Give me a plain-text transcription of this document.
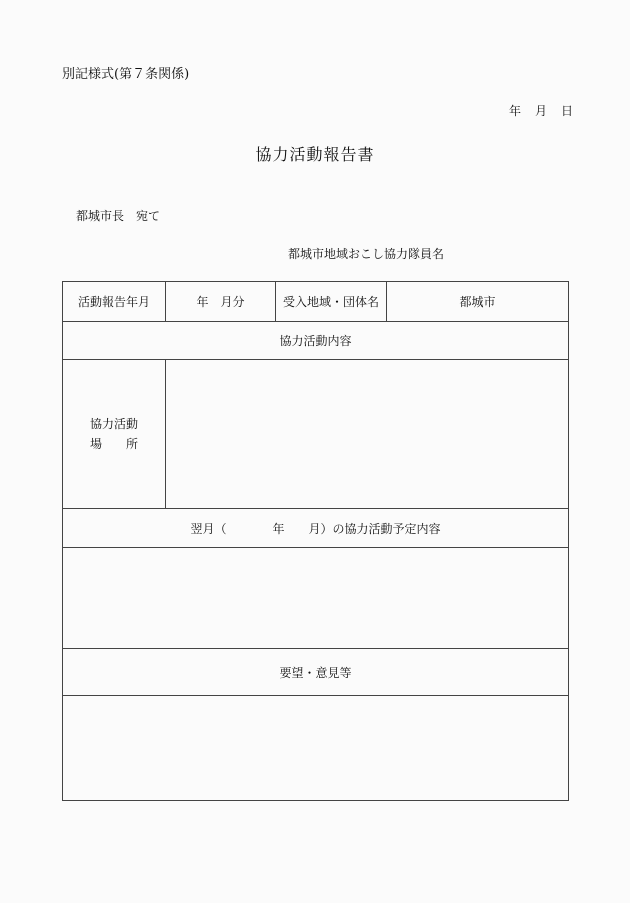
別記様式(第７条関係)
年　月　日
協力活動報告書
都城市長　宛て
都城市地域おこし協力隊員名
活動報告年月	年　月分	受入地域・団体名	都城市
協力活動内容			
協力活動
場　　所			
翌月（ 年 月）の協力活動予定内容			

要望・意見等			
